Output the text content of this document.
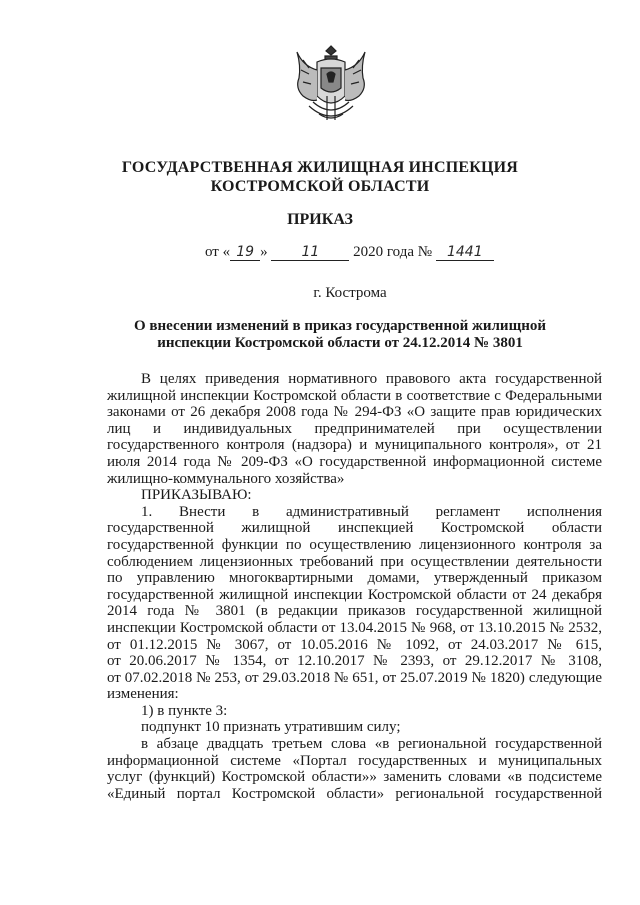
ГОСУДАРСТВЕННАЯ ЖИЛИЩНАЯ ИНСПЕКЦИЯ
КОСТРОМСКОЙ ОБЛАСТИ
ПРИКАЗ
от « 19 » 11 2020 года № 1441
г. Кострома
О внесении изменений в приказ государственной жилищной
инспекции Костромской области от 24.12.2014 № 3801
В целях приведения нормативного правового акта государственной
жилищной инспекции Костромской области в соответствие с Федеральными
законами от 26 декабря 2008 года № 294-ФЗ «О защите прав юридических
лиц и индивидуальных предпринимателей при осуществлении
государственного контроля (надзора) и муниципального контроля», от 21
июля 2014 года № 209-ФЗ «О государственной информационной системе
жилищно-коммунального хозяйства»
ПРИКАЗЫВАЮ:
1. Внести в административный регламент исполнения
государственной жилищной инспекцией Костромской области
государственной функции по осуществлению лицензионного контроля за
соблюдением лицензионных требований при осуществлении деятельности
по управлению многоквартирными домами, утвержденный приказом
государственной жилищной инспекции Костромской области от 24 декабря
2014 года № 3801 (в редакции приказов государственной жилищной
инспекции Костромской области от 13.04.2015 № 968, от 13.10.2015 № 2532,
от 01.12.2015 № 3067, от 10.05.2016 № 1092, от 24.03.2017 № 615,
от 20.06.2017 № 1354, от 12.10.2017 № 2393, от 29.12.2017 № 3108,
от 07.02.2018 № 253, от 29.03.2018 № 651, от 25.07.2019 № 1820) следующие
изменения:
1) в пункте 3:
подпункт 10 признать утратившим силу;
в абзаце двадцать третьем слова «в региональной государственной
информационной системе «Портал государственных и муниципальных
услуг (функций) Костромской области»» заменить словами «в подсистеме
«Единый портал Костромской области» региональной государственной
